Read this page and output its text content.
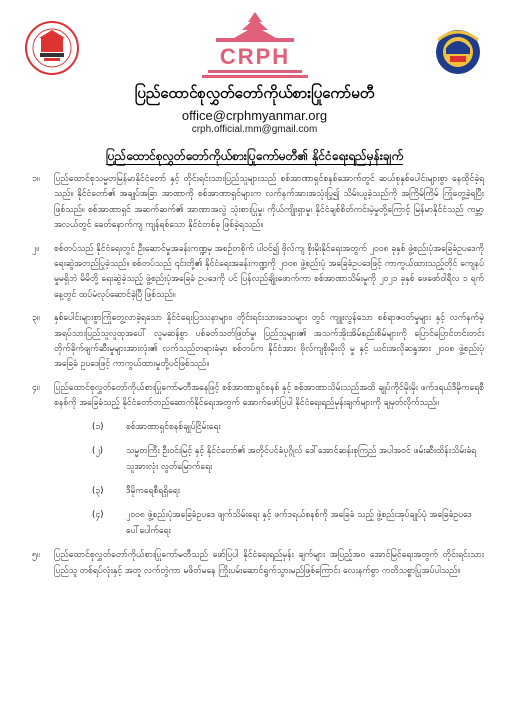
CRPH
ပြည်ထောင်စုလွှတ်တော်ကိုယ်စားပြုကော်မတီ
office@crphmyanmar.org
crph.official.mm@gmail.com
ပြည်ထောင်စုလွှတ်တော်ကိုယ်စားပြုကော်မတီ၏ နိုင်ငံရေးရည်မှန်းချက်
၁။	ပြည်ထောင်စုသမ္မတမြန်မာနိုင်ငံတော် နှင့် တိုင်းရင်းသားပြည်သူများသည် စစ်အာဏာရှင်စနစ်အောက်တွင် ဆယ်စုနှစ်ပေါင်းများစွာ နေထိုင်ခဲ့ရသည်။ နိုင်ငံတော်၏ အချုပ်အခြာ အာဏာကို စစ်အာဏာရှင်များက လက်နက်အားအသုံးပြု၍ သိမ်းယူခဲ့သည်ကို အကြိမ်ကြိမ် ကြုံတွေ့ခဲ့ရပြီး ဖြစ်သည်။ စစ်အာဏာရှင် အဆက်ဆက်၏ အာဏာအလွဲ သုံးစားပြုမှု၊ ကိုယ်ကျိုးရှာမှု၊ နိုင်ငံချစ်စိတ်ကင်းမဲ့မှုတို့ကြောင့် မြန်မာနိုင်ငံသည် ကမ္ဘာ့အလယ်တွင် ခေတ်နောက်ကျ ကျန်ရစ်သော နိုင်ငံတစ်ခု ဖြစ်ခဲ့ရသည်။
၂။	စစ်တပ်သည် နိုင်ငံရေးတွင် ဦးဆောင်မှုအခန်းကဏ္ဍမှ အစဉ်တစိုက် ပါဝင်၍ ဗိုလ်ကျ စိုးမိုးနိုင်ရေးအတွက် ၂၀၀၈ ခုနှစ် ဖွဲ့စည်းပုံအခြေခံဥပဒေကို ရေးဆွဲအတည်ပြုခဲ့သည်။ စစ်တပ်သည် ၎င်းတို့၏ နိုင်ငံရေးအခန်းကဏ္ဍကို ၂၀၀၈ ဖွဲ့စည်းပုံ အခြေခံဥပဒေဖြင့် ကာကွယ်ထားသည့်တိုင် ကျေနပ်မှုမရှိဘဲ မိမိတို့ ရေးဆွဲခဲ့သည့် ဖွဲ့စည်းပုံအခြေခံ ဥပဒေကို ပင် ပြန်လည်ချိုးဖောက်ကာ စစ်အာဏာသိမ်းမှုကို ၂၀၂၁ ခုနှစ် ဖေဖော်ဝါရီလ ၁ ရက်နေ့တွင် ထပ်မံလုပ်ဆောင်ခဲ့ပြီ ဖြစ်သည်။
၃။	နှစ်ပေါင်းများစွာကြုံတွေ့လာခဲ့ရသော နိုင်ငံရေးပြဿနာများ၊ တိုင်းရင်းသားဒေသများ တွင် ကျူးလွန်သော စစ်ရာဇဝတ်မှုများ နှင့် လက်နက်မဲ့ အရပ်သားပြည်သူလူထုအပေါ် လူမဆန်စွာ ပစ်ခတ်သတ်ဖြတ်မှု၊ ပြည်သူများ၏ အသက်အိုးအိမ်စည်းစိမ်များကို ပြောင်ပြောင်တင်းတင်း တိုက်ခိုက်ဖျက်ဆီးမှုများအားလုံး၏ လက်သည်တရားခံမှာ စစ်တပ်က နိုင်ငံအား ဗိုလ်ကျစိုးမိုးလို မှု နှင့် ယင်းအလိုဆန္ဒအား ၂၀၀၈ ဖွဲ့စည်းပုံ အခြေခံ ဥပဒေဖြင့် ကာကွယ်ထားမှုတို့ပင်ဖြစ်သည်။
၄။	ပြည်ထောင်စုလွှတ်တော်ကိုယ်စားပြုကော်မတီအနေဖြင့် စစ်အာဏာရှင်စနစ် နှင့် စစ်အာဏာသိမ်းသည်အထိ ချုပ်ကိုင်မိုးမိုး ဖက်ဒရယ်ဒီမိုကရေစီစနစ်ကို အခြေခံသည့် နိုင်ငံတော်တည်ဆောက်နိုင်ရေးအတွက် အောက်ဖော်ပြပါ နိုင်ငံရေးရည်မှန်းချက်များကို ချမှတ်လိုက်သည်။
(၁)	စစ်အာဏာရှင်စနစ်ချုပ်ငြိမ်းရေး
(၂)	သမ္မတကြီး ဦးဝင်းမြင့် နှင့် နိုင်ငံတော်၏ အတိုင်ပင်ခံပုဂ္ဂိုလ် ဒေါ်အောင်ဆန်းစုကြည် အပါအဝင် ဖမ်းဆီးထိန်းသိမ်းခံရသူအားလုံး လွတ်မြောက်ရေး
(၃)	ဒီမိုကရေစီရရှိရေး
(၄)	၂၀၀၈ ဖွဲ့စည်းပုံအခြေခံဥပဒေ ဖျက်သိမ်းရေး နှင့် ဖက်ဒရယ်စနစ်ကို အခြေခံ သည့် ဖွဲ့စည်းအုပ်ချုပ်ပုံ အခြေခံဥပဒေ ပေါ်ပေါက်ရေး
၅။	ပြည်ထောင်စုလွှတ်တော်ကိုယ်စားပြုကော်မတီသည် ဖော်ပြပါ နိုင်ငံရေးရည်မှန်း ချက်များ အပြည့်အဝ အောင်မြင်ရေးအတွက် တိုင်းရင်းသားပြည်သူ တစ်ရပ်လုံးနှင့် အတူ လက်တွဲကာ မဖိတ်မနေ ကြိုးပမ်းဆောင်ရွက်သွားမည်ဖြစ်ကြောင်း လေးနက်စွာ ကတိသစ္စာပြုအပ်ပါသည်။
